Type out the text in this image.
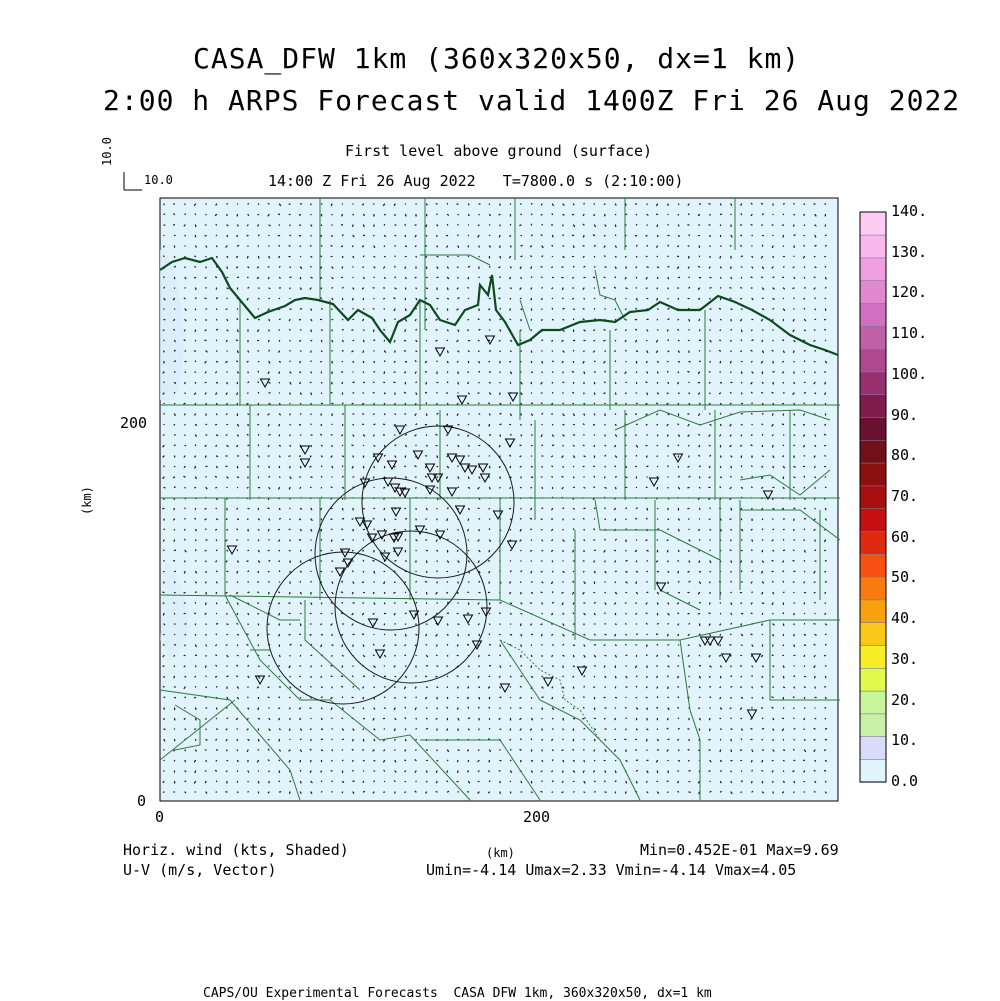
CASA_DFW 1km (360x320x50, dx=1 km)
2:00 h ARPS Forecast valid 1400Z Fri 26 Aug 2022
First level above ground (surface)
14:00 Z Fri 26 Aug 2022   T=7800.0 s (2:10:00)
10.0
10.0
(km)
(km)
200
0
0	200
0.0
10.
20.
30.
40.
50.
60.
70.
80.
90.
100.
110.
120.
130.
140.
Horiz. wind (kts, Shaded)
U-V (m/s, Vector)
Min=0.452E-01 Max=9.69
Umin=-4.14 Umax=2.33 Vmin=-4.14 Vmax=4.05
CAPS/OU Experimental Forecasts  CASA DFW 1km, 360x320x50, dx=1 km
